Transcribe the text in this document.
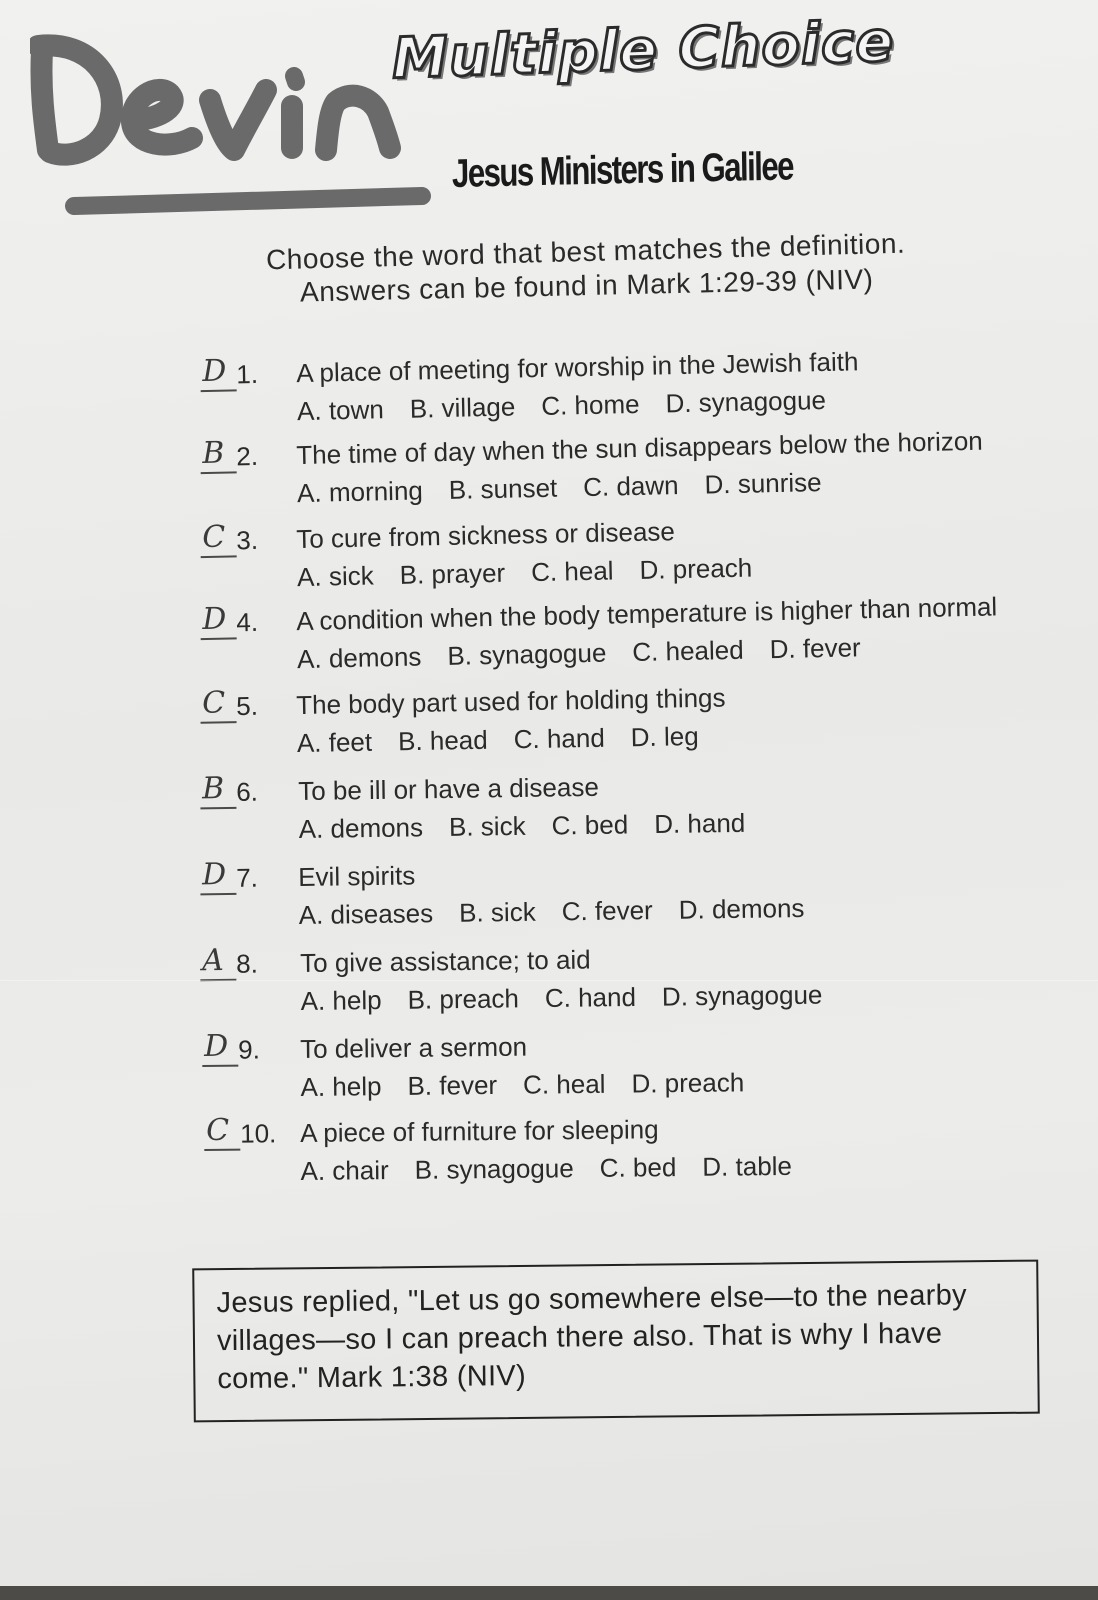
Multiple Choice
Jesus Ministers in Galilee
Choose the word that best matches the definition.
Answers can be found in Mark 1:29-39 (NIV)
D 1. A place of meeting for worship in the Jewish faith
A. town B. village C. home D. synagogue
B 2. The time of day when the sun disappears below the horizon
A. morning B. sunset C. dawn D. sunrise
C 3. To cure from sickness or disease
A. sick B. prayer C. heal D. preach
D 4. A condition when the body temperature is higher than normal
A. demons B. synagogue C. healed D. fever
C 5. The body part used for holding things
A. feet B. head C. hand D. leg
B 6. To be ill or have a disease
A. demons B. sick C. bed D. hand
D 7. Evil spirits
A. diseases B. sick C. fever D. demons
A 8. To give assistance; to aid
A. help B. preach C. hand D. synagogue
D 9. To deliver a sermon
A. help B. fever C. heal D. preach
C 10. A piece of furniture for sleeping
A. chair B. synagogue C. bed D. table
Jesus replied, "Let us go somewhere else—to the nearby villages—so I can preach there also. That is why I have come." Mark 1:38 (NIV)
